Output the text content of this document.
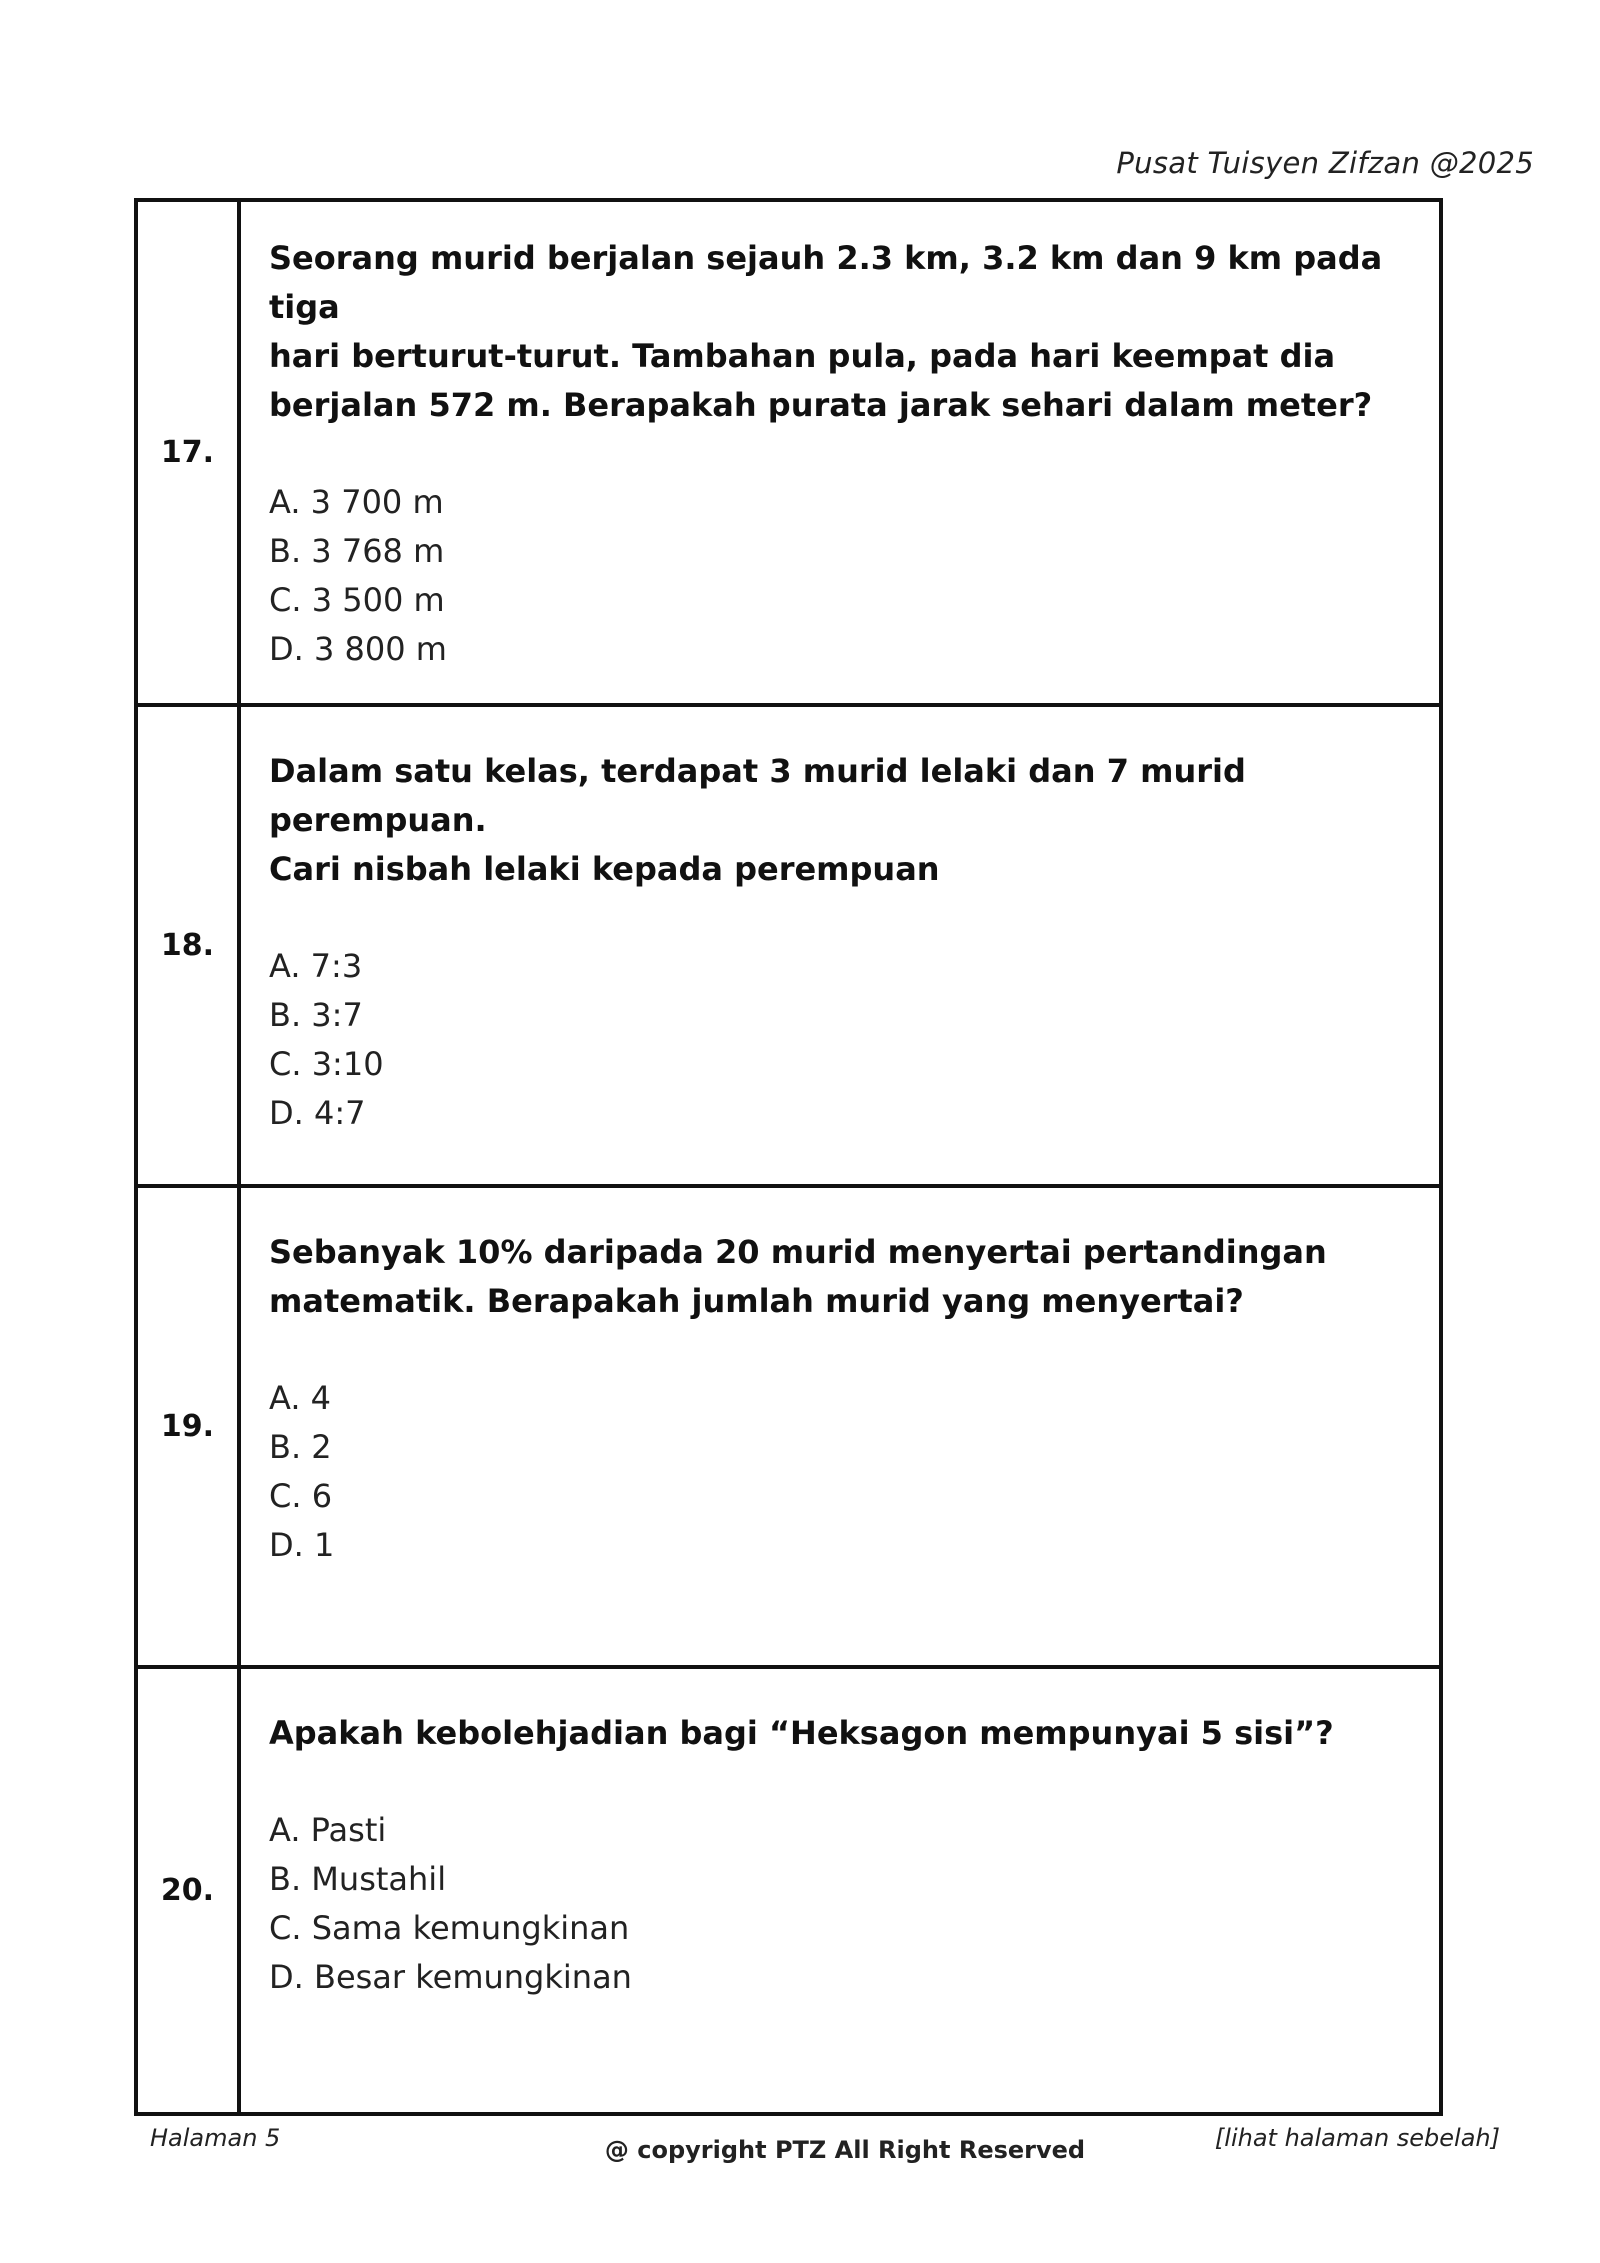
Pusat Tuisyen Zifzan @2025
17.

Seorang murid berjalan sejauh 2.3 km, 3.2 km dan 9 km pada tiga
hari berturut-turut. Tambahan pula, pada hari keempat dia
berjalan 572 m. Berapakah purata jarak sehari dalam meter?

A. 3 700 m
B. 3 768 m
C. 3 500 m
D. 3 800 m
18.

Dalam satu kelas, terdapat 3 murid lelaki dan 7 murid perempuan.
Cari nisbah lelaki kepada perempuan

A. 7:3
B. 3:7
C. 3:10
D. 4:7
19.

Sebanyak 10% daripada 20 murid menyertai pertandingan
matematik. Berapakah jumlah murid yang menyertai?

A. 4
B. 2
C. 6
D. 1
20.

Apakah kebolehjadian bagi “Heksagon mempunyai 5 sisi”?

A. Pasti
B. Mustahil
C. Sama kemungkinan
D. Besar kemungkinan
Halaman 5	@ copyright PTZ All Right Reserved	[lihat halaman sebelah]
